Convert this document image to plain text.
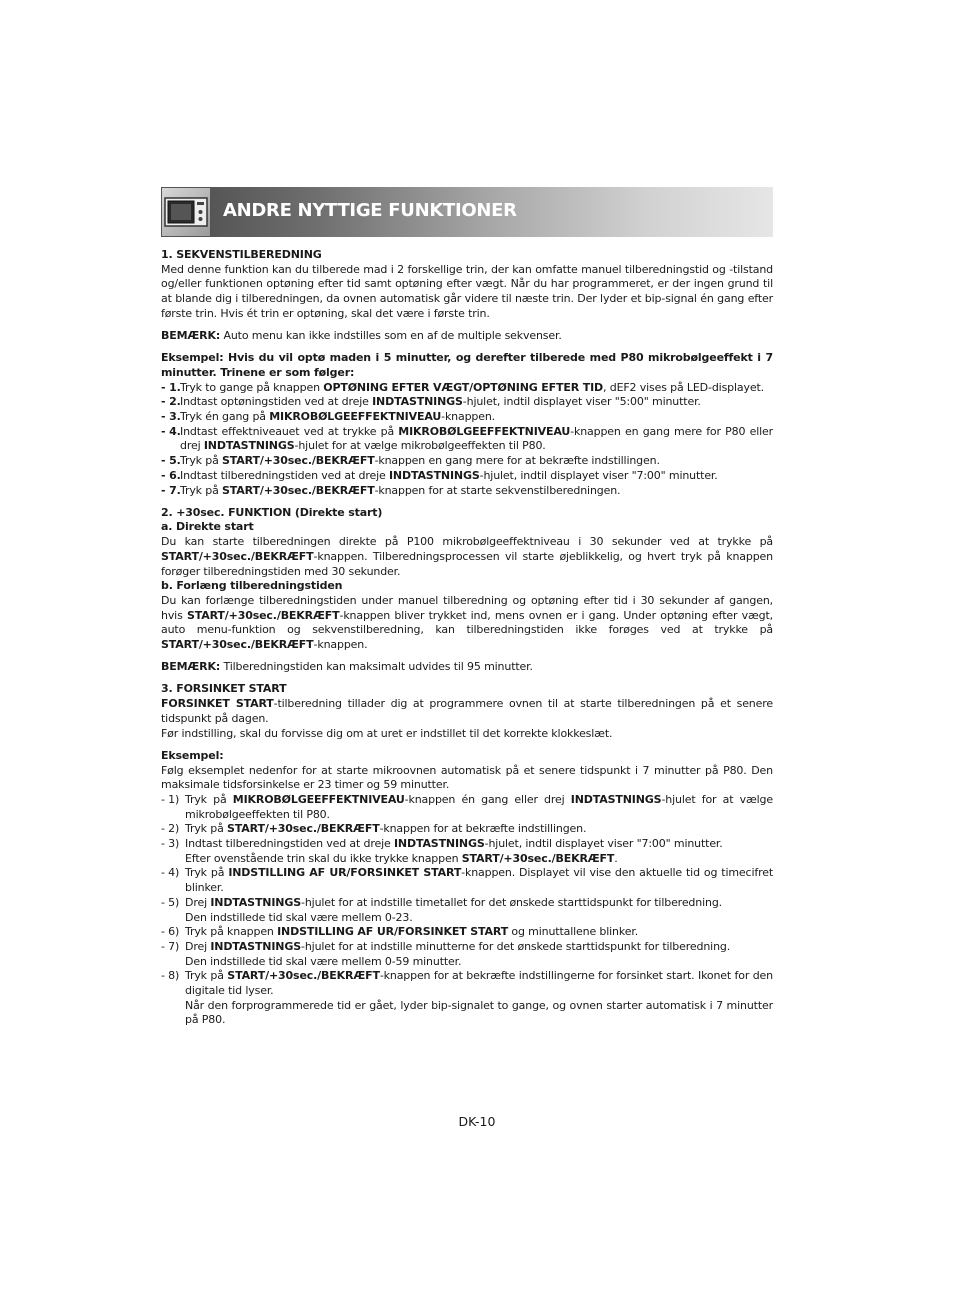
ANDRE NYTTIGE FUNKTIONER
1. SEKVENSTILBEREDNING

Med denne funktion kan du tilberede mad i 2 forskellige trin, der kan omfatte manuel tilberedningstid og -tilstand og/eller funktionen optøning efter tid samt optøning efter vægt. Når du har programmeret, er der ingen grund til at blande dig i tilberedningen, da ovnen automatisk går videre til næste trin. Der lyder et bip-signal én gang efter første trin. Hvis ét trin er optøning, skal det være i første trin.

BEMÆRK: Auto menu kan ikke indstilles som en af de multiple sekvenser.

Eksempel: Hvis du vil optø maden i 5 minutter, og derefter tilberede med P80 mikrobølgeeffekt i 7 minutter. Trinene er som følger:

- 1. Tryk to gange på knappen OPTØNING EFTER VÆGT/OPTØNING EFTER TID, dEF2 vises på LED-displayet.
- 2. Indtast optøningstiden ved at dreje INDTASTNINGS-hjulet, indtil displayet viser "5:00" minutter.
- 3. Tryk én gang på MIKROBØLGEEFFEKTNIVEAU-knappen.
- 4. Indtast effektniveauet ved at trykke på MIKROBØLGEEFFEKTNIVEAU-knappen en gang mere for P80 eller drej INDTASTNINGS-hjulet for at vælge mikrobølgeeffekten til P80.
- 5. Tryk på START/+30sec./BEKRÆFT-knappen en gang mere for at bekræfte indstillingen.
- 6. Indtast tilberedningstiden ved at dreje INDTASTNINGS-hjulet, indtil displayet viser "7:00" minutter.
- 7. Tryk på START/+30sec./BEKRÆFT-knappen for at starte sekvenstilberedningen.
2. +30sec. FUNKTION (Direkte start)
a. Direkte start

Du kan starte tilberedningen direkte på P100 mikrobølgeeffektniveau i 30 sekunder ved at trykke på START/+30sec./BEKRÆFT-knappen. Tilberedningsprocessen vil starte øjeblikkelig, og hvert tryk på knappen forøger tilberedningstiden med 30 sekunder.

b. Forlæng tilberedningstiden

Du kan forlænge tilberedningstiden under manuel tilberedning og optøning efter tid i 30 sekunder af gangen, hvis START/+30sec./BEKRÆFT-knappen bliver trykket ind, mens ovnen er i gang. Under optøning efter vægt, auto menu-funktion og sekvenstilberedning, kan tilberedningstiden ikke forøges ved at trykke på START/+30sec./BEKRÆFT-knappen.

BEMÆRK: Tilberedningstiden kan maksimalt udvides til 95 minutter.

3. FORSINKET START

FORSINKET START-tilberedning tillader dig at programmere ovnen til at starte tilberedningen på et senere tidspunkt på dagen.

Før indstilling, skal du forvisse dig om at uret er indstillet til det korrekte klokkeslæt.

Eksempel:

Følg eksemplet nedenfor for at starte mikroovnen automatisk på et senere tidspunkt i 7 minutter på P80. Den maksimale tidsforsinkelse er 23 timer og 59 minutter.

- 1) Tryk på MIKROBØLGEEFFEKTNIVEAU-knappen én gang eller drej INDTASTNINGS-hjulet for at vælge mikrobølgeeffekten til P80.
- 2) Tryk på START/+30sec./BEKRÆFT-knappen for at bekræfte indstillingen.
- 3) Indtast tilberedningstiden ved at dreje INDTASTNINGS-hjulet, indtil displayet viser "7:00" minutter.
Efter ovenstående trin skal du ikke trykke knappen START/+30sec./BEKRÆFT.
- 4) Tryk på INDSTILLING AF UR/FORSINKET START-knappen. Displayet vil vise den aktuelle tid og timecifret blinker.
- 5) Drej INDTASTNINGS-hjulet for at indstille timetallet for det ønskede starttidspunkt for tilberedning.
Den indstillede tid skal være mellem 0-23.
- 6) Tryk på knappen INDSTILLING AF UR/FORSINKET START og minuttallene blinker.
- 7) Drej INDTASTNINGS-hjulet for at indstille minutterne for det ønskede starttidspunkt for tilberedning.
Den indstillede tid skal være mellem 0-59 minutter.
- 8) Tryk på START/+30sec./BEKRÆFT-knappen for at bekræfte indstillingerne for forsinket start. Ikonet for den digitale tid lyser.
Når den forprogrammerede tid er gået, lyder bip-signalet to gange, og ovnen starter automatisk i 7 minutter på P80.
DK-10
